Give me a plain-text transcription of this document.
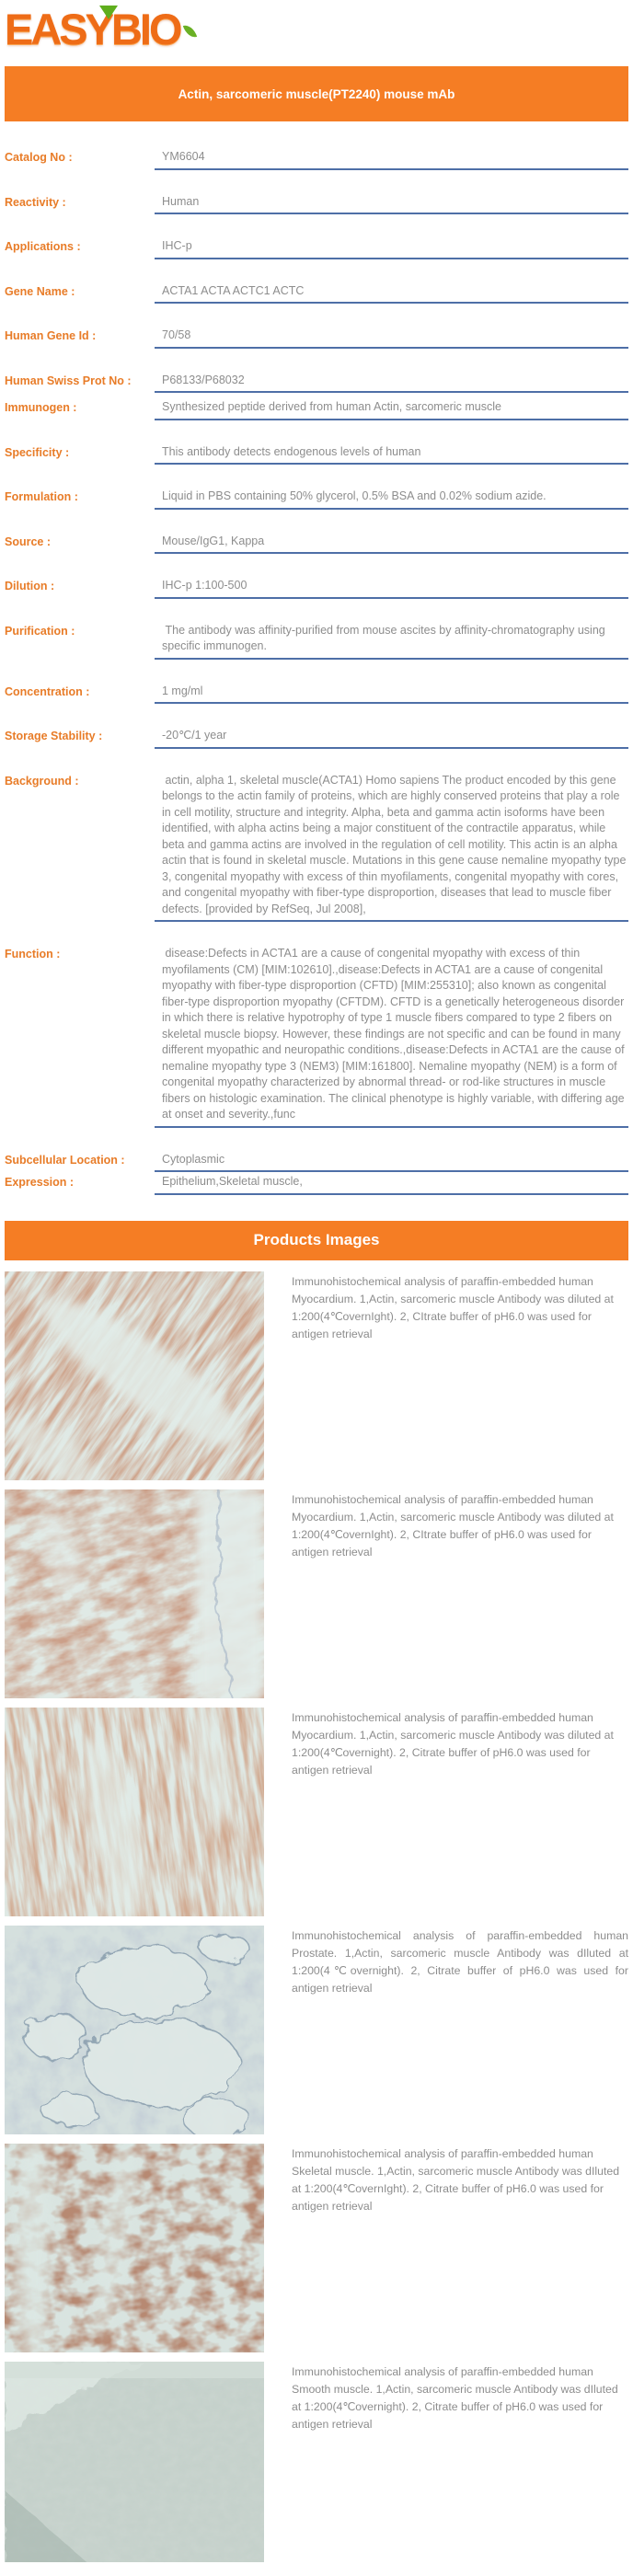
EASYBIO
Actin, sarcomeric muscle(PT2240) mouse mAb
Catalog No :	YM6604
Reactivity :	Human
Applications :	IHC-p
Gene Name :	ACTA1 ACTA ACTC1 ACTC
Human Gene Id :	70/58
Human Swiss Prot No :	P68133/P68032
Immunogen :	Synthesized peptide derived from human Actin, sarcomeric muscle
Specificity :	This antibody detects endogenous levels of human
Formulation :	Liquid in PBS containing 50% glycerol, 0.5% BSA and 0.02% sodium azide.
Source :	Mouse/IgG1, Kappa
Dilution :	IHC-p 1:100-500
Purification :	The antibody was affinity-purified from mouse ascites by affinity-chromatography using specific immunogen.
Concentration :	1 mg/ml
Storage Stability :	-20℃/1 year
Background :	actin, alpha 1, skeletal muscle(ACTA1) Homo sapiens The product encoded by this gene belongs to the actin family of proteins, which are highly conserved proteins that play a role in cell motility, structure and integrity. Alpha, beta and gamma actin isoforms have been identified, with alpha actins being a major constituent of the contractile apparatus, while beta and gamma actins are involved in the regulation of cell motility. This actin is an alpha actin that is found in skeletal muscle. Mutations in this gene cause nemaline myopathy type 3, congenital myopathy with excess of thin myofilaments, congenital myopathy with cores, and congenital myopathy with fiber-type disproportion, diseases that lead to muscle fiber defects. [provided by RefSeq, Jul 2008],
Function :	disease:Defects in ACTA1 are a cause of congenital myopathy with excess of thin myofilaments (CM) [MIM:102610].,disease:Defects in ACTA1 are a cause of congenital myopathy with fiber-type disproportion (CFTD) [MIM:255310]; also known as congenital fiber-type disproportion myopathy (CFTDM). CFTD is a genetically heterogeneous disorder in which there is relative hypotrophy of type 1 muscle fibers compared to type 2 fibers on skeletal muscle biopsy. However, these findings are not specific and can be found in many different myopathic and neuropathic conditions.,disease:Defects in ACTA1 are the cause of nemaline myopathy type 3 (NEM3) [MIM:161800]. Nemaline myopathy (NEM) is a form of congenital myopathy characterized by abnormal thread- or rod-like structures in muscle fibers on histologic examination. The clinical phenotype is highly variable, with differing age at onset and severity.,func
Subcellular Location :	Cytoplasmic
Expression :	Epithelium,Skeletal muscle,
Products Images

Immunohistochemical analysis of paraffin-embedded human Myocardium. 1,Actin, sarcomeric muscle Antibody was diluted at 1:200(4℃overnIght). 2, CItrate buffer of pH6.0 was used for antigen retrieval

Immunohistochemical analysis of paraffin-embedded human Myocardium. 1,Actin, sarcomeric muscle Antibody was diluted at 1:200(4℃overnIght). 2, CItrate buffer of pH6.0 was used for antigen retrieval

Immunohistochemical analysis of paraffin-embedded human Myocardium. 1,Actin, sarcomeric muscle Antibody was diluted at 1:200(4℃overnight). 2, Citrate buffer of pH6.0 was used for antigen retrieval

Immunohistochemical analysis of paraffin-embedded human Prostate. 1,Actin, sarcomeric muscle Antibody was dIluted at 1:200(4℃overnight). 2, Citrate buffer of pH6.0 was used for antigen retrieval

Immunohistochemical analysis of paraffin-embedded human Skeletal muscle. 1,Actin, sarcomeric muscle Antibody was dIluted at 1:200(4℃overnIght). 2, Citrate buffer of pH6.0 was used for antigen retrieval

Immunohistochemical analysis of paraffin-embedded human Smooth muscle. 1,Actin, sarcomeric muscle Antibody was dIluted at 1:200(4℃overnight). 2, Citrate buffer of pH6.0 was used for antigen retrieval
